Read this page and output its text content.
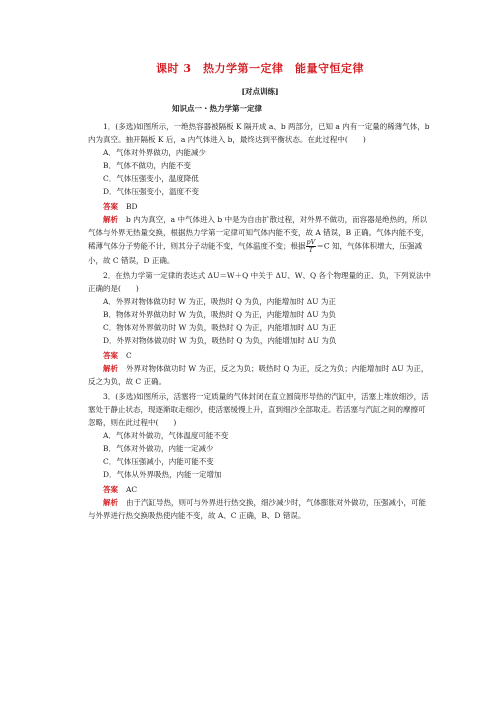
课时 3　热力学第一定律　能量守恒定律
[对点训练]
知识点一・热力学第一定律

1．(多选)如图所示，一绝热容器被隔板 K 隔开成 a、b 两部分，已知 a 内有一定量的稀薄气体，b 内为真空。抽开隔板 K 后，a 内气体进入 b，最终达到平衡状态。在此过程中(　　)

A．气体对外界做功，内能减少

B．气体不做功，内能不变

C．气体压强变小，温度降低

D．气体压强变小，温度不变

答案 BD

解析 b 内为真空，a 中气体进入 b 中是为自由扩散过程，对外界不做功，而容器是绝热的，所以气体与外界无热量交换，根据热力学第一定律可知气体内能不变，故 A 错误，B 正确。气体内能不变，稀薄气体分子势能不计，则其分子动能不变，气体温度不变；根据 $\frac{pV}{T} =C$ 知，气体体积增大，压强减小，故 C 错误，D 正确。

2．在热力学第一定律的表达式 ΔU＝W＋Q 中关于 ΔU、W、Q 各个物理量的正、负，下列说法中正确的是(　　)

A．外界对物体做功时 W 为正，吸热时 Q 为负，内能增加时 ΔU 为正

B．物体对外界做功时 W 为负，吸热时 Q 为正，内能增加时 ΔU 为负

C．物体对外界做功时 W 为负，吸热时 Q 为正，内能增加时 ΔU 为正

D．外界对物体做功时 W 为负，吸热时 Q 为负，内能增加时 ΔU 为负

答案 C

解析 外界对物体做功时 W 为正，反之为负；吸热时 Q 为正，反之为负；内能增加时 ΔU 为正，反之为负，故 C 正确。

3．(多选)如图所示，活塞将一定质量的气体封闭在直立圆筒形导热的汽缸中，活塞上堆放细沙，活塞处于静止状态，现逐渐取走细沙，使活塞缓慢上升，直到细沙全部取走。若活塞与汽缸之间的摩擦可忽略，则在此过程中(　　)

A．气体对外做功，气体温度可能不变

B．气体对外做功，内能一定减少

C．气体压强减小，内能可能不变

D．气体从外界吸热，内能一定增加

答案 AC

解析 由于汽缸导热，则可与外界进行热交换，细沙减少时，气体膨胀对外做功，压强减小，可能与外界进行热交换吸热使内能不变，故 A、C 正确，B、D 错误。
